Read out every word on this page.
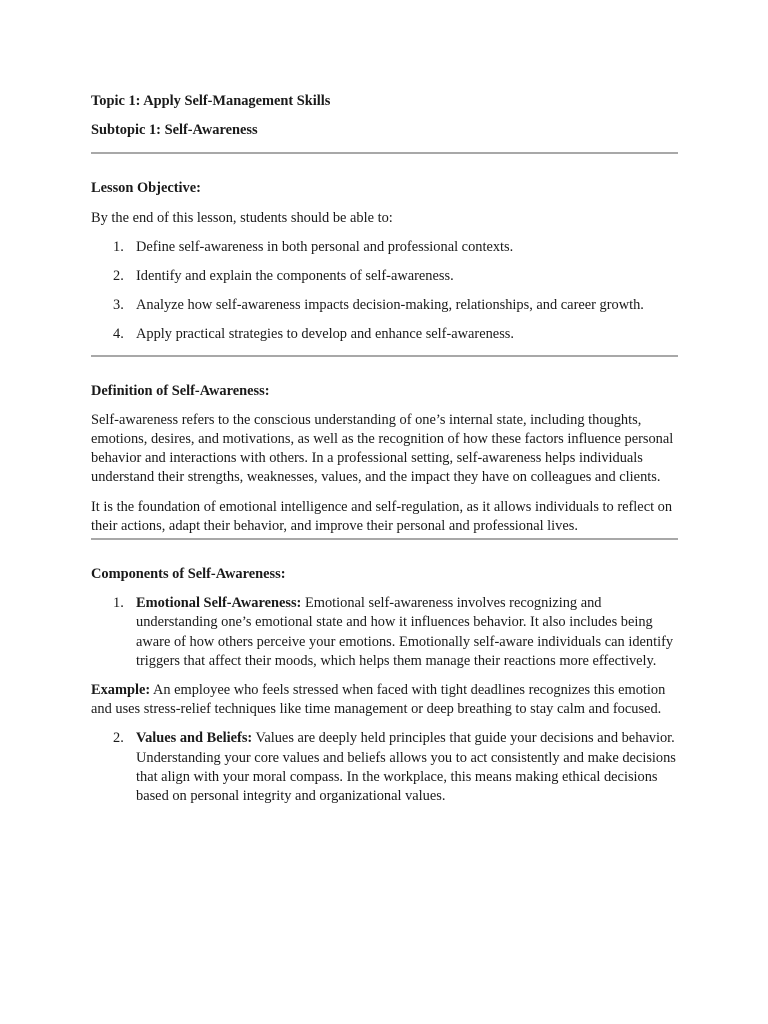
Topic 1: Apply Self-Management Skills
Subtopic 1: Self-Awareness
Lesson Objective:

By the end of this lesson, students should be able to:

1. Define self-awareness in both personal and professional contexts.
2. Identify and explain the components of self-awareness.
3. Analyze how self-awareness impacts decision-making, relationships, and career growth.
4. Apply practical strategies to develop and enhance self-awareness.
Definition of Self-Awareness:

Self-awareness refers to the conscious understanding of one’s internal state, including thoughts, emotions, desires, and motivations, as well as the recognition of how these factors influence personal behavior and interactions with others. In a professional setting, self-awareness helps individuals understand their strengths, weaknesses, values, and the impact they have on colleagues and clients.

It is the foundation of emotional intelligence and self-regulation, as it allows individuals to reflect on their actions, adapt their behavior, and improve their personal and professional lives.

Components of Self-Awareness:
1. Emotional Self-Awareness: Emotional self-awareness involves recognizing and understanding one’s emotional state and how it influences behavior. It also includes being aware of how others perceive your emotions. Emotionally self-aware individuals can identify triggers that affect their moods, which helps them manage their reactions more effectively.

Example: An employee who feels stressed when faced with tight deadlines recognizes this emotion and uses stress-relief techniques like time management or deep breathing to stay calm and focused.

2. Values and Beliefs: Values are deeply held principles that guide your decisions and behavior. Understanding your core values and beliefs allows you to act consistently and make decisions that align with your moral compass. In the workplace, this means making ethical decisions based on personal integrity and organizational values.
